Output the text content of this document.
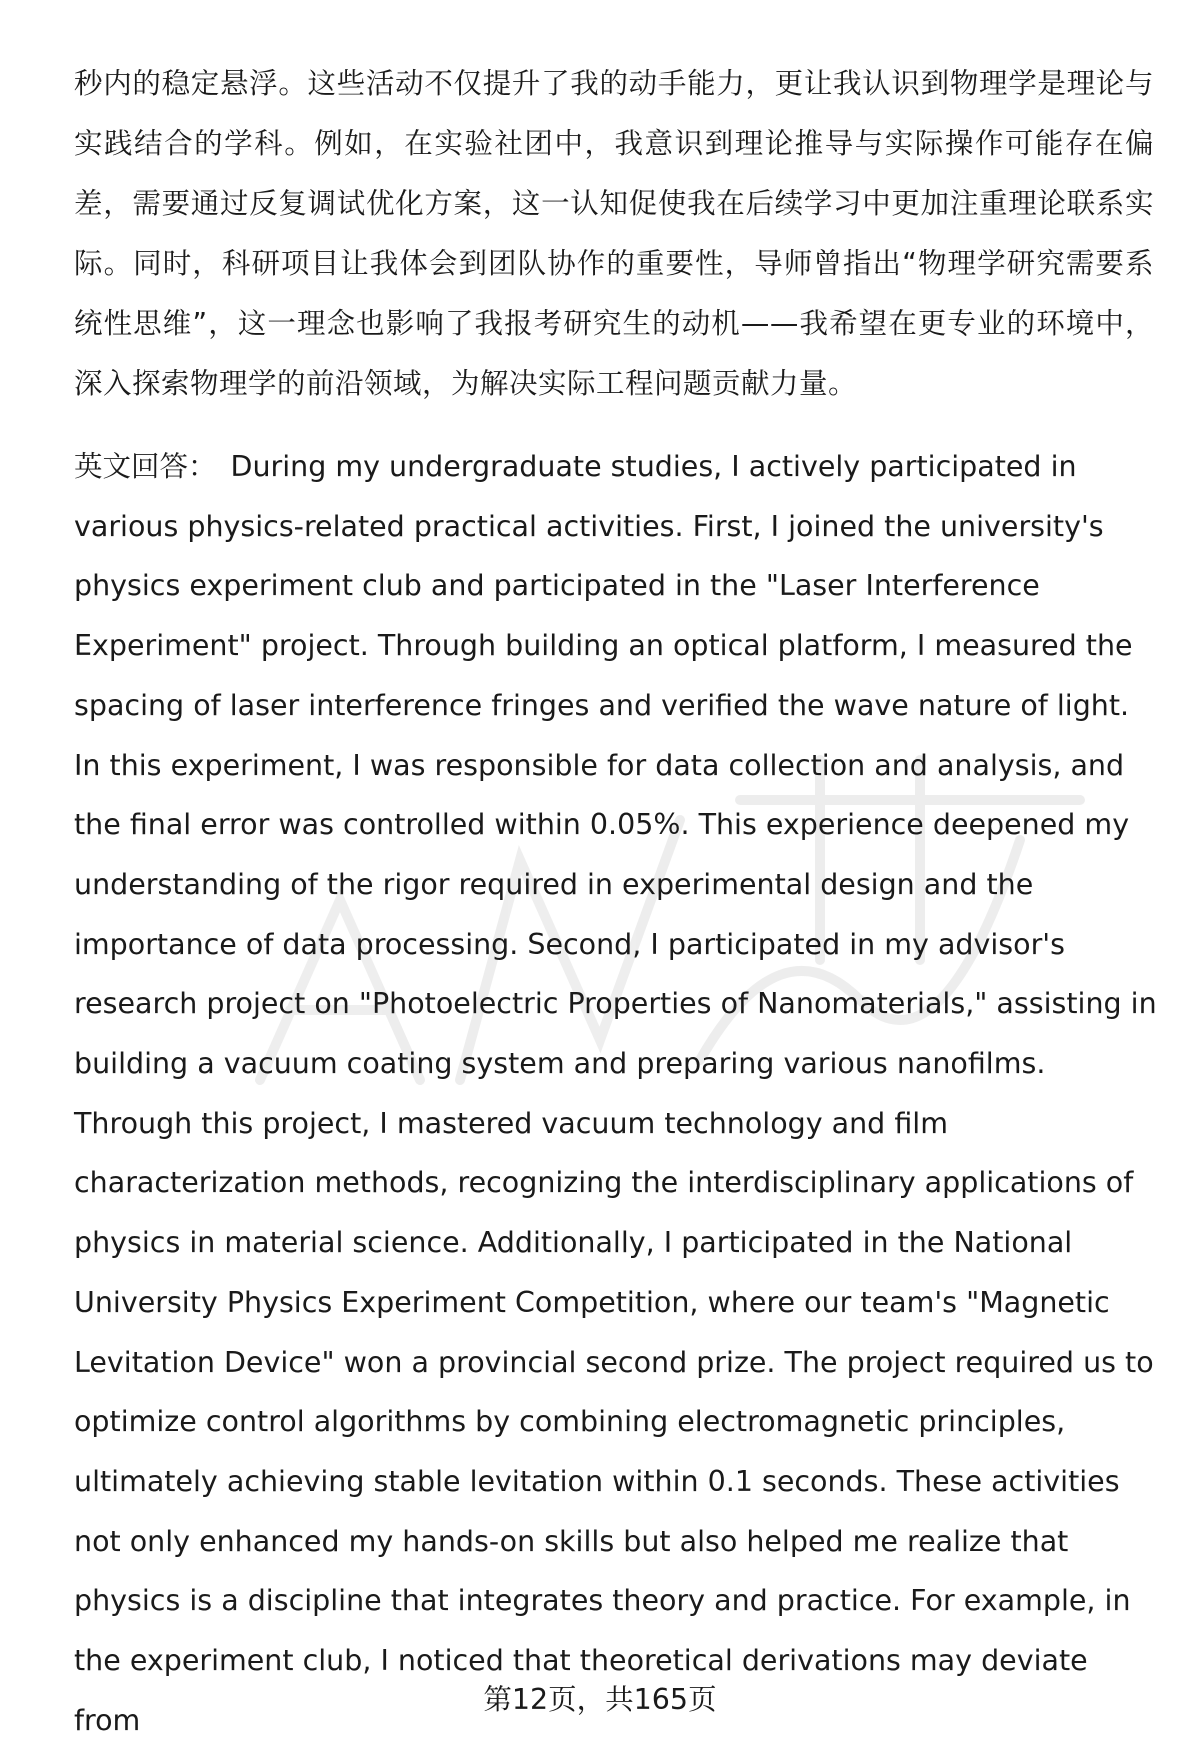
秒内的稳定悬浮。这些活动不仅提升了我的动手能力，更让我认识到物理学是理论与实践结合的学科。例如，在实验社团中，我意识到理论推导与实际操作可能存在偏差，需要通过反复调试优化方案，这一认知促使我在后续学习中更加注重理论联系实际。同时，科研项目让我体会到团队协作的重要性，导师曾指出“物理学研究需要系统性思维”，这一理念也影响了我报考研究生的动机——我希望在更专业的环境中，深入探索物理学的前沿领域，为解决实际工程问题贡献力量。

英文回答： During my undergraduate studies, I actively participated in various physics-related practical activities. First, I joined the university's physics experiment club and participated in the "Laser Interference Experiment" project. Through building an optical platform, I measured the spacing of laser interference fringes and verified the wave nature of light. In this experiment, I was responsible for data collection and analysis, and the final error was controlled within 0.05%. This experience deepened my understanding of the rigor required in experimental design and the importance of data processing. Second, I participated in my advisor's research project on "Photoelectric Properties of Nanomaterials," assisting in building a vacuum coating system and preparing various nanofilms. Through this project, I mastered vacuum technology and film characterization methods, recognizing the interdisciplinary applications of physics in material science. Additionally, I participated in the National University Physics Experiment Competition, where our team's "Magnetic Levitation Device" won a provincial second prize. The project required us to optimize control algorithms by combining electromagnetic principles, ultimately achieving stable levitation within 0.1 seconds. These activities not only enhanced my hands-on skills but also helped me realize that physics is a discipline that integrates theory and practice. For example, in the experiment club, I noticed that theoretical derivations may deviate from

第12页，共165页
